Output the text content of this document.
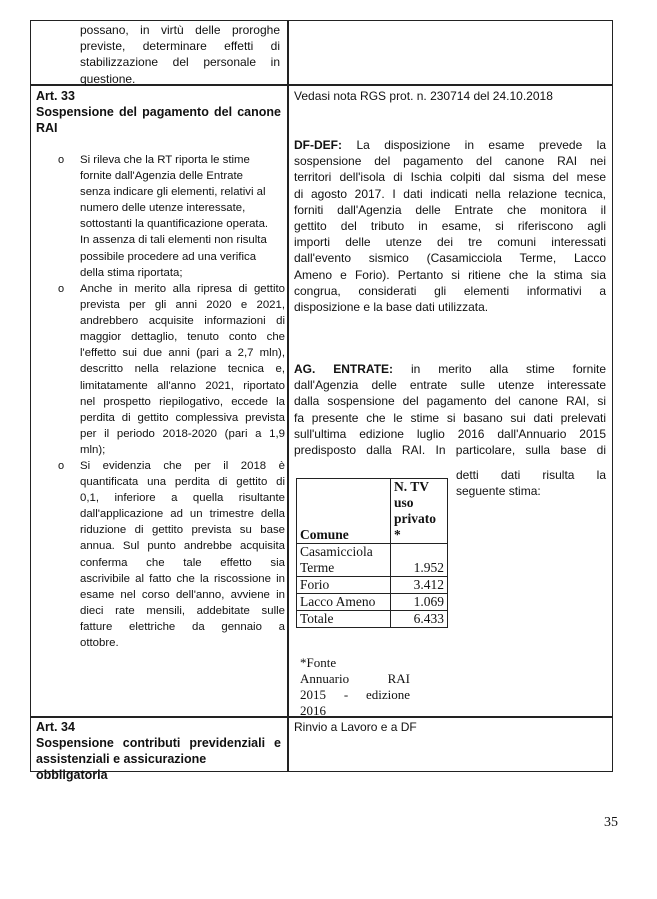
possano, in virtù delle proroghe
previste, determinare effetti di
stabilizzazione del personale in
questione.
Art. 33
Sospensione del pagamento del canone
RAI
o Si rileva che la RT riporta le stime
fornite dall'Agenzia delle Entrate
senza indicare gli elementi, relativi al
numero delle utenze interessate,
sottostanti la quantificazione operata.
In assenza di tali elementi non risulta
possibile procedere ad una verifica
della stima riportata;
o Anche in merito alla ripresa di gettito
prevista per gli anni 2020 e 2021,
andrebbero acquisite informazioni di
maggior dettaglio, tenuto conto che
l'effetto sui due anni (pari a 2,7 mln),
descritto nella relazione tecnica e,
limitatamente all'anno 2021, riportato
nel prospetto riepilogativo, eccede la
perdita di gettito complessiva prevista
per il periodo 2018-2020 (pari a 1,9
mln);
o Si evidenzia che per il 2018 è
quantificata una perdita di gettito di
0,1, inferiore a quella risultante
dall'applicazione ad un trimestre della
riduzione di gettito prevista su base
annua. Sul punto andrebbe acquisita
conferma che tale effetto sia
ascrivibile al fatto che la riscossione in
esame nel corso dell'anno, avviene in
dieci rate mensili, addebitate sulle
fatture elettriche da gennaio a
ottobre.
Vedasi nota RGS prot. n. 230714 del 24.10.2018
DF-DEF: La disposizione in esame prevede la
sospensione del pagamento del canone RAI nei
territori dell'isola di Ischia colpiti dal sisma del mese
di agosto 2017. I dati indicati nella relazione tecnica,
forniti dall'Agenzia delle Entrate che monitora il
gettito del tributo in esame, si riferiscono agli
importi delle utenze dei tre comuni interessati
dall'evento sismico (Casamicciola Terme, Lacco
Ameno e Forio). Pertanto si ritiene che la stima sia
congrua, considerati gli elementi informativi a
disposizione e la base dati utilizzata.
AG. ENTRATE: in merito alla stime fornite
dall'Agenzia delle entrate sulle utenze interessate
dalla sospensione del pagamento del canone RAI, si
fa presente che le stime si basano sui dati prelevati
sull'ultima edizione luglio 2016 dall'Annuario 2015
predisposto dalla RAI. In particolare, sulla base di
detti dati risulta la
seguente stima:
Comune	N. TV uso privato *
Casamicciola Terme	1.952
Forio	3.412
Lacco Ameno	1.069
Totale	6.433
*Fonte
Annuario RAI
2015 - edizione
2016
Art. 34
Sospensione contributi previdenziali e
assistenziali e assicurazione obbligatoria
Rinvio a Lavoro e a DF
35
